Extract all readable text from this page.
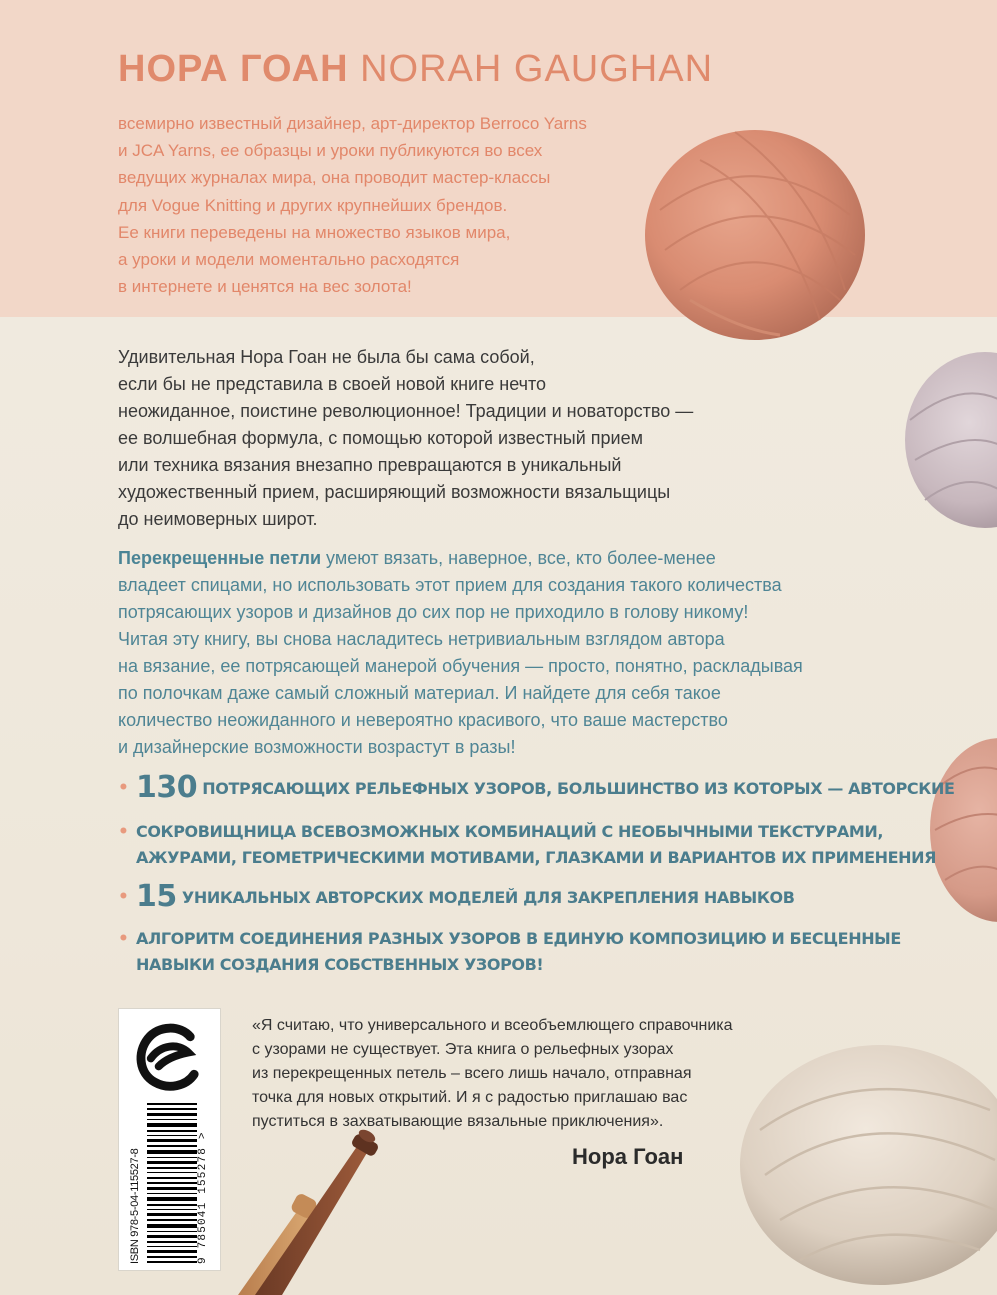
НОРА ГОАН NORAH GAUGHAN
всемирно известный дизайнер, арт-директор Berroco Yarns
и JCA Yarns, ее образцы и уроки публикуются во всех
ведущих журналах мира, она проводит мастер-классы
для Vogue Knitting и других крупнейших брендов.
Ее книги переведены на множество языков мира,
а уроки и модели моментально расходятся
в интернете и ценятся на вес золота!
Удивительная Нора Гоан не была бы сама собой,
если бы не представила в своей новой книге нечто
неожиданное, поистине революционное! Традиции и новаторство —
ее волшебная формула, с помощью которой известный прием
или техника вязания внезапно превращаются в уникальный
художественный прием, расширяющий возможности вязальщицы
до неимоверных широт.
Перекрещенные петли умеют вязать, наверное, все, кто более-менее
владеет спицами, но использовать этот прием для создания такого количества
потрясающих узоров и дизайнов до сих пор не приходило в голову никому!
Читая эту книгу, вы снова насладитесь нетривиальным взглядом автора
на вязание, ее потрясающей манерой обучения — просто, понятно, раскладывая
по полочкам даже самый сложный материал. И найдете для себя такое
количество неожиданного и невероятно красивого, что ваше мастерство
и дизайнерские возможности возрастут в разы!
• 130 ПОТРЯСАЮЩИХ РЕЛЬЕФНЫХ УЗОРОВ, БОЛЬШИНСТВО ИЗ КОТОРЫХ — АВТОРСКИЕ
• СОКРОВИЩНИЦА ВСЕВОЗМОЖНЫХ КОМБИНАЦИЙ С НЕОБЫЧНЫМИ ТЕКСТУРАМИ,
АЖУРАМИ, ГЕОМЕТРИЧЕСКИМИ МОТИВАМИ, ГЛАЗКАМИ И ВАРИАНТОВ ИХ ПРИМЕНЕНИЯ
• 15 УНИКАЛЬНЫХ АВТОРСКИХ МОДЕЛЕЙ ДЛЯ ЗАКРЕПЛЕНИЯ НАВЫКОВ
• АЛГОРИТМ СОЕДИНЕНИЯ РАЗНЫХ УЗОРОВ В ЕДИНУЮ КОМПОЗИЦИЮ И БЕСЦЕННЫЕ
НАВЫКИ СОЗДАНИЯ СОБСТВЕННЫХ УЗОРОВ!
ISBN 978-5-04-115527-8	9 785041 155278 >
«Я считаю, что универсального и всеобъемлющего справочника
с узорами не существует. Эта книга о рельефных узорах
из перекрещенных петель – всего лишь начало, отправная
точка для новых открытий. И я с радостью приглашаю вас
пуститься в захватывающие вязальные приключения».

Нора Гоан
